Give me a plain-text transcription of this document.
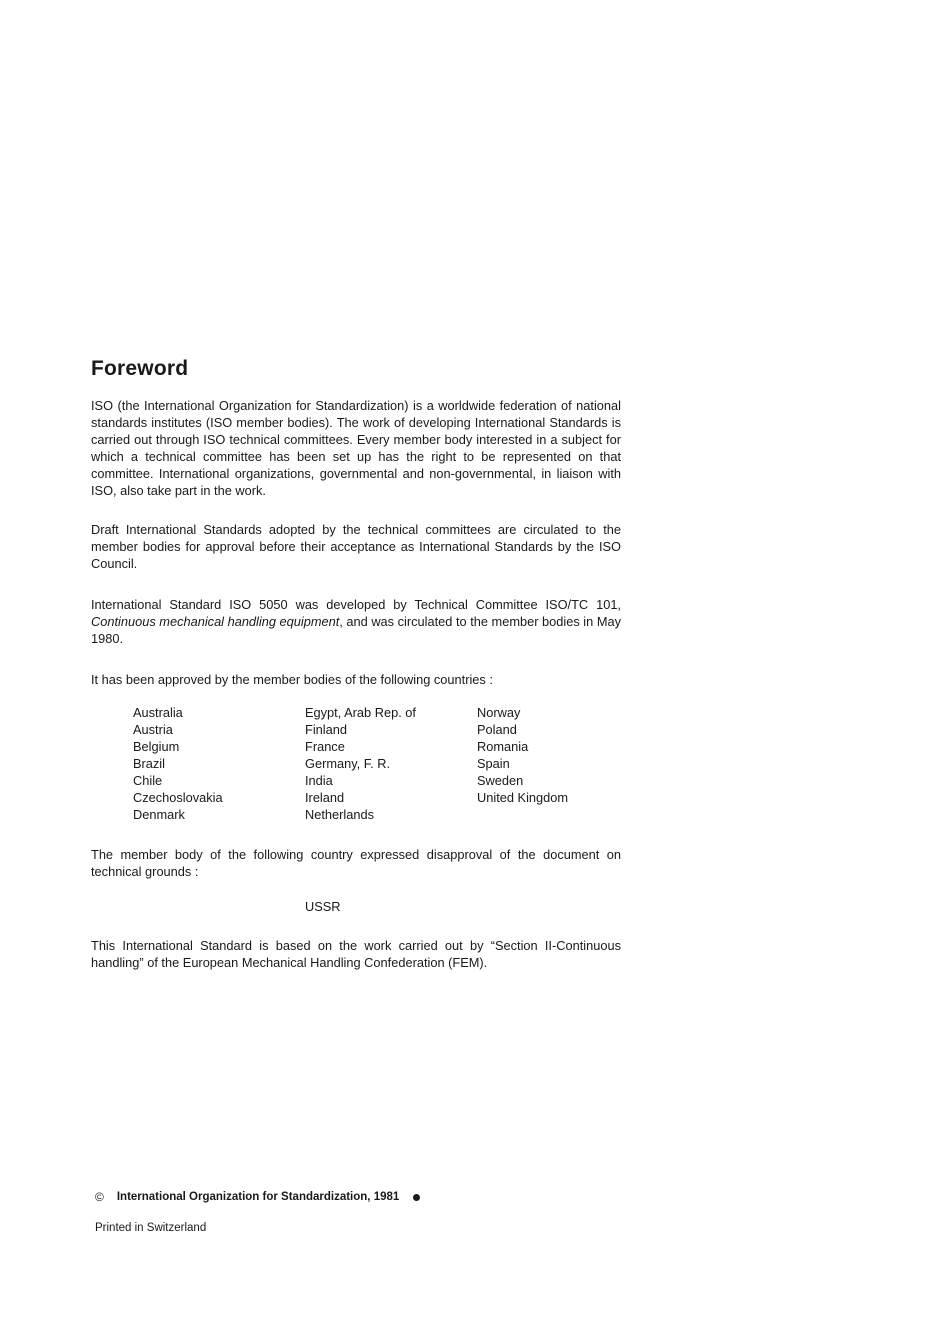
Foreword

ISO (the International Organization for Standardization) is a worldwide federation of national standards institutes (ISO member bodies). The work of developing International Standards is carried out through ISO technical committees. Every member body interested in a subject for which a technical committee has been set up has the right to be represented on that committee. International organizations, governmental and non-governmental, in liaison with ISO, also take part in the work.

Draft International Standards adopted by the technical committees are circulated to the member bodies for approval before their acceptance as International Standards by the ISO Council.

International Standard ISO 5050 was developed by Technical Committee ISO/TC 101, Continuous mechanical handling equipment, and was circulated to the member bodies in May 1980.

It has been approved by the member bodies of the following countries :

Australia
Austria
Belgium
Brazil
Chile
Czechoslovakia
Denmark
Egypt, Arab Rep. of
Finland
France
Germany, F. R.
India
Ireland
Netherlands
Norway
Poland
Romania
Spain
Sweden
United Kingdom

The member body of the following country expressed disapproval of the document on technical grounds :

USSR

This International Standard is based on the work carried out by “Section II-Continuous handling” of the European Mechanical Handling Confederation (FEM).

© International Organization for Standardization, 1981
Printed in Switzerland
